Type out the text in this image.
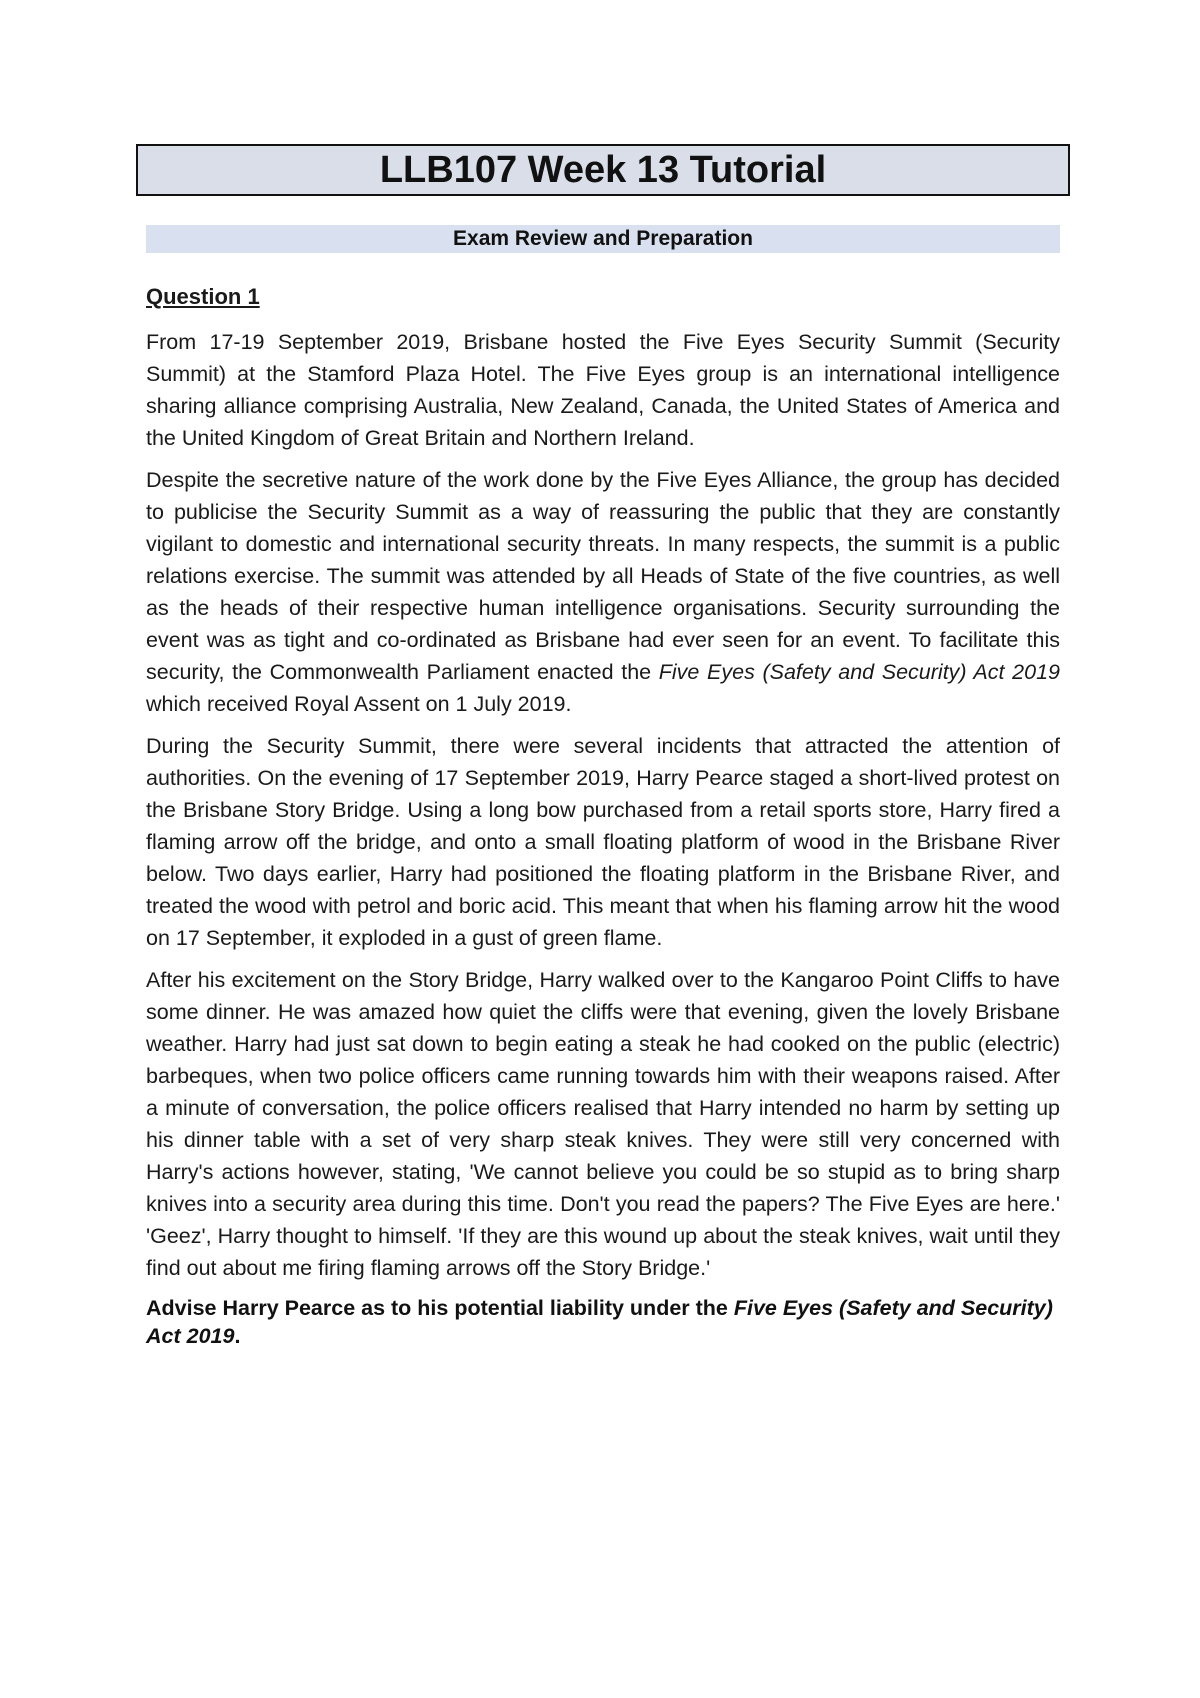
LLB107 Week 13 Tutorial
Exam Review and Preparation
Question 1

From 17-19 September 2019, Brisbane hosted the Five Eyes Security Summit (Security Summit) at the Stamford Plaza Hotel. The Five Eyes group is an international intelligence sharing alliance comprising Australia, New Zealand, Canada, the United States of America and the United Kingdom of Great Britain and Northern Ireland.

Despite the secretive nature of the work done by the Five Eyes Alliance, the group has decided to publicise the Security Summit as a way of reassuring the public that they are constantly vigilant to domestic and international security threats. In many respects, the summit is a public relations exercise. The summit was attended by all Heads of State of the five countries, as well as the heads of their respective human intelligence organisations. Security surrounding the event was as tight and co-ordinated as Brisbane had ever seen for an event. To facilitate this security, the Commonwealth Parliament enacted the Five Eyes (Safety and Security) Act 2019 which received Royal Assent on 1 July 2019.

During the Security Summit, there were several incidents that attracted the attention of authorities. On the evening of 17 September 2019, Harry Pearce staged a short-lived protest on the Brisbane Story Bridge. Using a long bow purchased from a retail sports store, Harry fired a flaming arrow off the bridge, and onto a small floating platform of wood in the Brisbane River below. Two days earlier, Harry had positioned the floating platform in the Brisbane River, and treated the wood with petrol and boric acid. This meant that when his flaming arrow hit the wood on 17 September, it exploded in a gust of green flame.

After his excitement on the Story Bridge, Harry walked over to the Kangaroo Point Cliffs to have some dinner. He was amazed how quiet the cliffs were that evening, given the lovely Brisbane weather. Harry had just sat down to begin eating a steak he had cooked on the public (electric) barbeques, when two police officers came running towards him with their weapons raised. After a minute of conversation, the police officers realised that Harry intended no harm by setting up his dinner table with a set of very sharp steak knives. They were still very concerned with Harry's actions however, stating, 'We cannot believe you could be so stupid as to bring sharp knives into a security area during this time. Don't you read the papers? The Five Eyes are here.' 'Geez', Harry thought to himself. 'If they are this wound up about the steak knives, wait until they find out about me firing flaming arrows off the Story Bridge.'

Advise Harry Pearce as to his potential liability under the Five Eyes (Safety and Security) Act 2019.
